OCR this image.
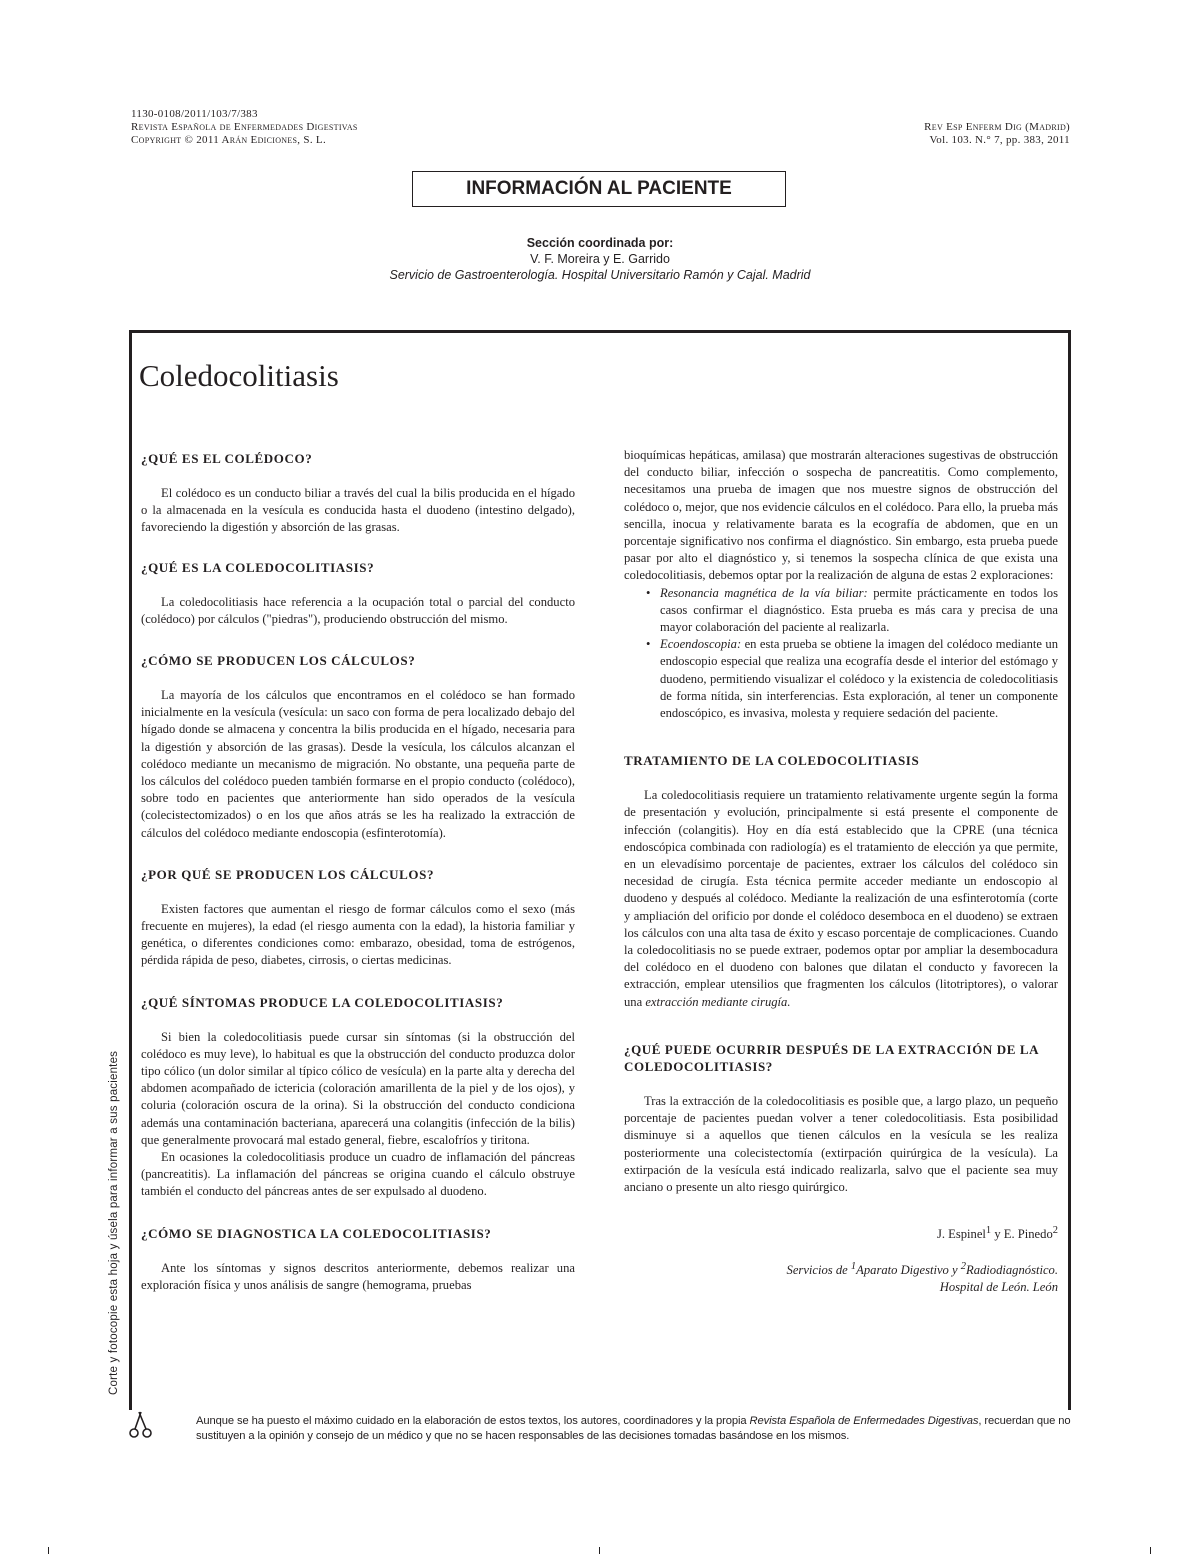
1130-0108/2011/103/7/383
Revista Española de Enfermedades Digestivas
Copyright © 2011 Arán Ediciones, S. L.
Rev Esp Enferm Dig (Madrid)
Vol. 103. N.° 7, pp. 383, 2011
INFORMACIÓN AL PACIENTE
Sección coordinada por:
V. F. Moreira y E. Garrido
Servicio de Gastroenterología. Hospital Universitario Ramón y Cajal. Madrid
Coledocolitiasis
¿QUÉ ES EL COLÉDOCO?

El colédoco es un conducto biliar a través del cual la bilis producida en el hígado o la almacenada en la vesícula es conducida hasta el duodeno (intestino delgado), favoreciendo la digestión y absorción de las grasas.

¿QUÉ ES LA COLEDOCOLITIASIS?

La coledocolitiasis hace referencia a la ocupación total o parcial del conducto (colédoco) por cálculos ("piedras"), produciendo obstrucción del mismo.

¿CÓMO SE PRODUCEN LOS CÁLCULOS?

La mayoría de los cálculos que encontramos en el colédoco se han formado inicialmente en la vesícula (vesícula: un saco con forma de pera localizado debajo del hígado donde se almacena y concentra la bilis producida en el hígado, necesaria para la digestión y absorción de las grasas). Desde la vesícula, los cálculos alcanzan el colédoco mediante un mecanismo de migración. No obstante, una pequeña parte de los cálculos del colédoco pueden también formarse en el propio conducto (colédoco), sobre todo en pacientes que anteriormente han sido operados de la vesícula (colecistectomizados) o en los que años atrás se les ha realizado la extracción de cálculos del colédoco mediante endoscopia (esfinterotomía).

¿POR QUÉ SE PRODUCEN LOS CÁLCULOS?

Existen factores que aumentan el riesgo de formar cálculos como el sexo (más frecuente en mujeres), la edad (el riesgo aumenta con la edad), la historia familiar y genética, o diferentes condiciones como: embarazo, obesidad, toma de estrógenos, pérdida rápida de peso, diabetes, cirrosis, o ciertas medicinas.

¿QUÉ SÍNTOMAS PRODUCE LA COLEDOCOLITIASIS?

Si bien la coledocolitiasis puede cursar sin síntomas (si la obstrucción del colédoco es muy leve), lo habitual es que la obstrucción del conducto produzca dolor tipo cólico (un dolor similar al típico cólico de vesícula) en la parte alta y derecha del abdomen acompañado de ictericia (coloración amarillenta de la piel y de los ojos), y coluria (coloración oscura de la orina). Si la obstrucción del conducto condiciona además una contaminación bacteriana, aparecerá una colangitis (infección de la bilis) que generalmente provocará mal estado general, fiebre, escalofríos y tiritona.

En ocasiones la coledocolitiasis produce un cuadro de inflamación del páncreas (pancreatitis). La inflamación del páncreas se origina cuando el cálculo obstruye también el conducto del páncreas antes de ser expulsado al duodeno.

¿CÓMO SE DIAGNOSTICA LA COLEDOCOLITIASIS?

Ante los síntomas y signos descritos anteriormente, debemos realizar una exploración física y unos análisis de sangre (hemograma, pruebas

bioquímicas hepáticas, amilasa) que mostrarán alteraciones sugestivas de obstrucción del conducto biliar, infección o sospecha de pancreatitis. Como complemento, necesitamos una prueba de imagen que nos muestre signos de obstrucción del colédoco o, mejor, que nos evidencie cálculos en el colédoco. Para ello, la prueba más sencilla, inocua y relativamente barata es la ecografía de abdomen, que en un porcentaje significativo nos confirma el diagnóstico. Sin embargo, esta prueba puede pasar por alto el diagnóstico y, si tenemos la sospecha clínica de que exista una coledocolitiasis, debemos optar por la realización de alguna de estas 2 exploraciones:

• Resonancia magnética de la vía biliar: permite prácticamente en todos los casos confirmar el diagnóstico. Esta prueba es más cara y precisa de una mayor colaboración del paciente al realizarla.
• Ecoendoscopia: en esta prueba se obtiene la imagen del colédoco mediante un endoscopio especial que realiza una ecografía desde el interior del estómago y duodeno, permitiendo visualizar el colédoco y la existencia de coledocolitiasis de forma nítida, sin interferencias. Esta exploración, al tener un componente endoscópico, es invasiva, molesta y requiere sedación del paciente.
TRATAMIENTO DE LA COLEDOCOLITIASIS

La coledocolitiasis requiere un tratamiento relativamente urgente según la forma de presentación y evolución, principalmente si está presente el componente de infección (colangitis). Hoy en día está establecido que la CPRE (una técnica endoscópica combinada con radiología) es el tratamiento de elección ya que permite, en un elevadísimo porcentaje de pacientes, extraer los cálculos del colédoco sin necesidad de cirugía. Esta técnica permite acceder mediante un endoscopio al duodeno y después al colédoco. Mediante la realización de una esfinterotomía (corte y ampliación del orificio por donde el colédoco desemboca en el duodeno) se extraen los cálculos con una alta tasa de éxito y escaso porcentaje de complicaciones. Cuando la coledocolitiasis no se puede extraer, podemos optar por ampliar la desembocadura del colédoco en el duodeno con balones que dilatan el conducto y favorecen la extracción, emplear utensilios que fragmenten los cálculos (litotriptores), o valorar una extracción mediante cirugía.

¿QUÉ PUEDE OCURRIR DESPUÉS DE LA EXTRACCIÓN DE LA COLEDOCOLITIASIS?

Tras la extracción de la coledocolitiasis es posible que, a largo plazo, un pequeño porcentaje de pacientes puedan volver a tener coledocolitiasis. Esta posibilidad disminuye si a aquellos que tienen cálculos en la vesícula se les realiza posteriormente una colecistectomía (extirpación quirúrgica de la vesícula). La extirpación de la vesícula está indicado realizarla, salvo que el paciente sea muy anciano o presente un alto riesgo quirúrgico.

J. Espinel$^1$ y E. Pinedo$^2$

Servicios de $^1$Aparato Digestivo y $^2$Radiodiagnóstico.

Hospital de León. León

Corte y fotocopie esta hoja y úsela para informar a sus pacientes
Aunque se ha puesto el máximo cuidado en la elaboración de estos textos, los autores, coordinadores y la propia Revista Española de Enfermedades Digestivas, recuerdan que no sustituyen a la opinión y consejo de un médico y que no se hacen responsables de las decisiones tomadas basándose en los mismos.
